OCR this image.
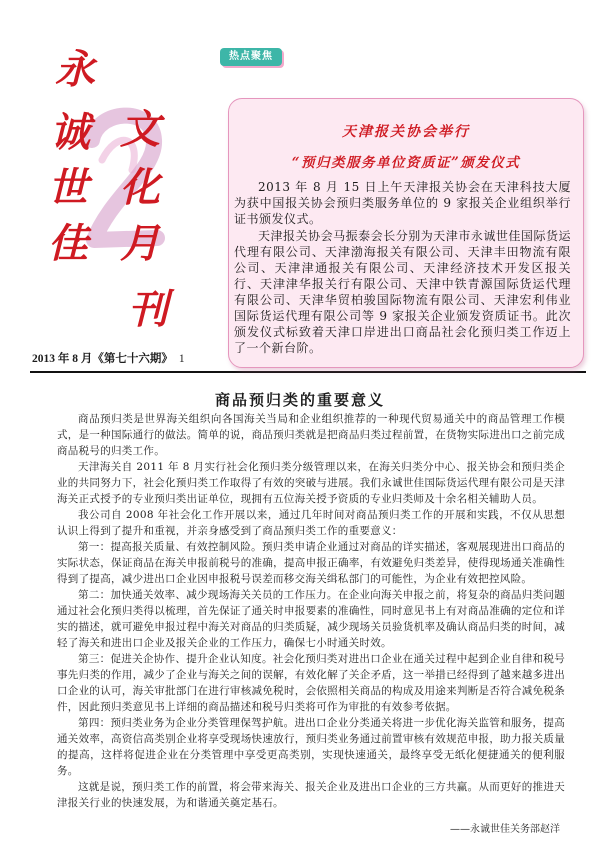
永
诚 文
世 化
佳 月
刊
2013 年 8 月《第七十六期》 1
热点聚焦
天津报关协会举行
“预归类服务单位资质证”颁发仪式

2013 年 8 月 15 日上午天津报关协会在天津科技大厦为获中国报关协会预归类服务单位的 9 家报关企业组织举行证书颁发仪式。

天津报关协会马振泰会长分别为天津市永诚世佳国际货运代理有限公司、天津渤海报关有限公司、天津丰田物流有限公司、天津津通报关有限公司、天津经济技术开发区报关行、天津津华报关行有限公司、天津中铁青源国际货运代理有限公司、天津华贸柏骏国际物流有限公司、天津宏利伟业国际货运代理有限公司等 9 家报关企业颁发资质证书。此次颁发仪式标致着天津口岸进出口商品社会化预归类工作迈上了一个新台阶。

商品预归类的重要意义

商品预归类是世界海关组织向各国海关当局和企业组织推荐的一种现代贸易通关中的商品管理工作模式，是一种国际通行的做法。简单的说，商品预归类就是把商品归类过程前置，在货物实际进出口之前完成商品税号的归类工作。

天津海关自 2011 年 8 月实行社会化预归类分级管理以来，在海关归类分中心、报关协会和预归类企业的共同努力下，社会化预归类工作取得了有效的突破与进展。我们永诚世佳国际货运代理有限公司是天津海关正式授予的专业预归类出证单位，现拥有五位海关授予资质的专业归类师及十余名相关辅助人员。

我公司自 2008 年社会化工作开展以来，通过几年时间对商品预归类工作的开展和实践，不仅从思想认识上得到了提升和重视，并亲身感受到了商品预归类工作的重要意义：

第一：提高报关质量、有效控制风险。预归类申请企业通过对商品的详实描述，客观展现进出口商品的实际状态，保证商品在海关申报前税号的准确，提高申报正确率，有效避免归类差异，使得现场通关准确性得到了提高，减少进出口企业因申报税号误差而移交海关缉私部门的可能性，为企业有效把控风险。

第二：加快通关效率、减少现场海关关员的工作压力。在企业向海关申报之前，将复杂的商品归类问题通过社会化预归类得以梳理，首先保证了通关时申报要素的准确性，同时意见书上有对商品准确的定位和详实的描述，就可避免申报过程中海关对商品的归类质疑，减少现场关员验货机率及确认商品归类的时间，减轻了海关和进出口企业及报关企业的工作压力，确保七小时通关时效。

第三：促进关企协作、提升企业认知度。社会化预归类对进出口企业在通关过程中起到企业自律和税号事先归类的作用，减少了企业与海关之间的误解，有效化解了关企矛盾，这一举措已经得到了越来越多进出口企业的认可，海关审批部门在进行审核减免税时，会依照相关商品的构成及用途来判断是否符合减免税条件，因此预归类意见书上详细的商品描述和税号归类将可作为审批的有效参考依据。

第四：预归类业务为企业分类管理保驾护航。进出口企业分类通关将进一步优化海关监管和服务，提高通关效率，高资信高类别企业将享受现场快速放行，预归类业务通过前置审核有效规范申报，助力报关质量的提高，这样将促进企业在分类管理中享受更高类别，实现快速通关，最终享受无纸化便捷通关的便利服务。

这就是说，预归类工作的前置，将会带来海关、报关企业及进出口企业的三方共赢。从而更好的推进天津报关行业的快速发展，为和谐通关奠定基石。

——永诚世佳关务部赵洋
